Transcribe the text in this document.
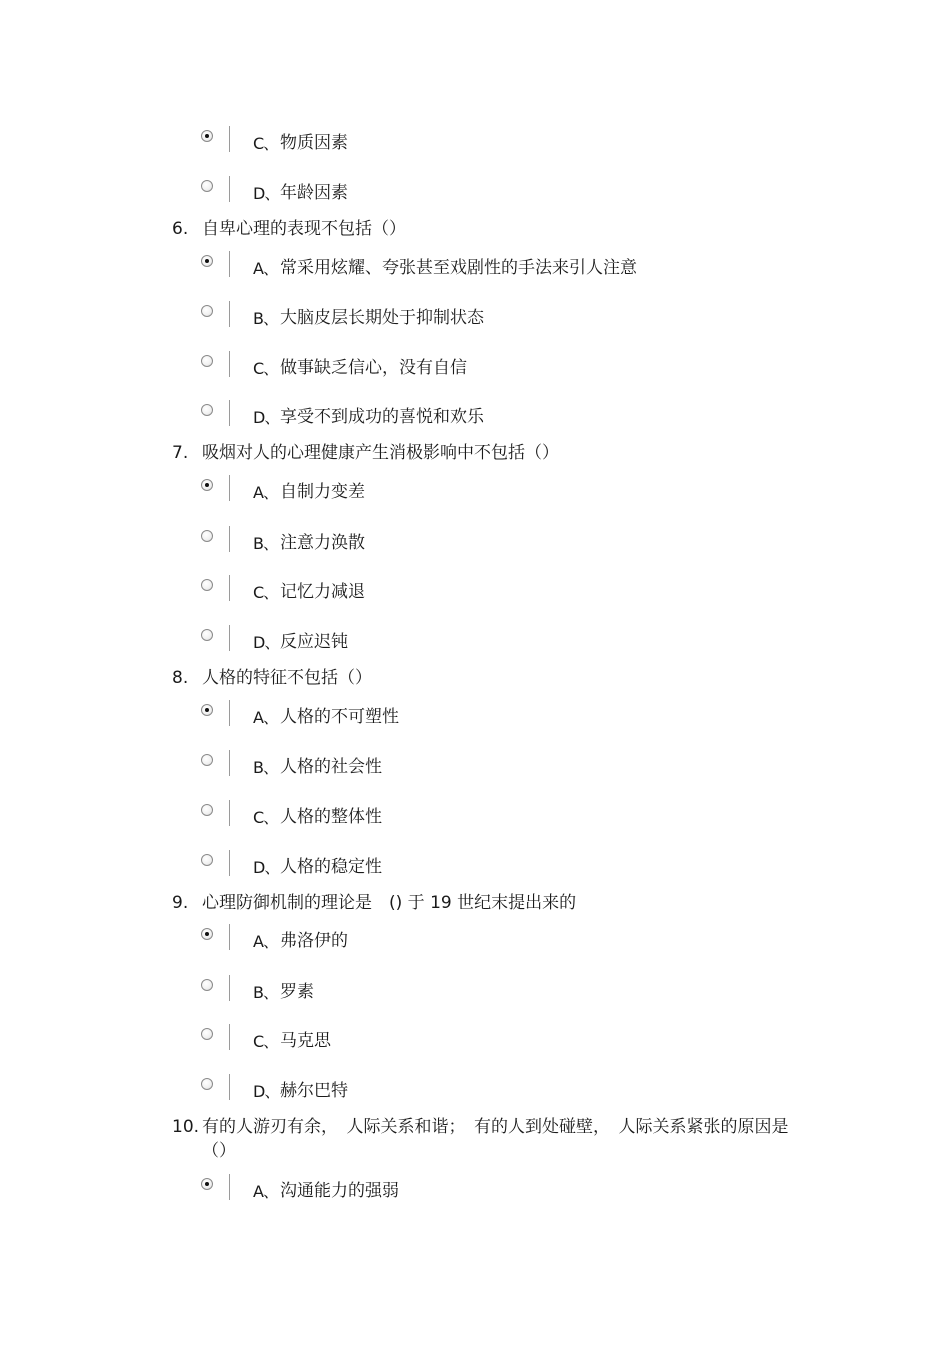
C、 物质因素
D、 年龄因素
6. 自卑心理的表现不包括（）
A、 常采用炫耀、夸张甚至戏剧性的手法来引人注意
B、 大脑皮层长期处于抑制状态
C、 做事缺乏信心，没有自信
D、 享受不到成功的喜悦和欢乐
7. 吸烟对人的心理健康产生消极影响中不包括（）
A、 自制力变差
B、 注意力涣散
C、 记忆力减退
D、 反应迟钝
8. 人格的特征不包括（）
A、 人格的不可塑性
B、 人格的社会性
C、 人格的整体性
D、 人格的稳定性
9. 心理防御机制的理论是　() 于 19 世纪末提出来的
A、 弗洛伊的
B、 罗素
C、 马克思
D、 赫尔巴特
10. 有的人游刃有余，　人际关系和谐；　有的人到处碰壁，　人际关系紧张的原因是（）
A、 沟通能力的强弱
